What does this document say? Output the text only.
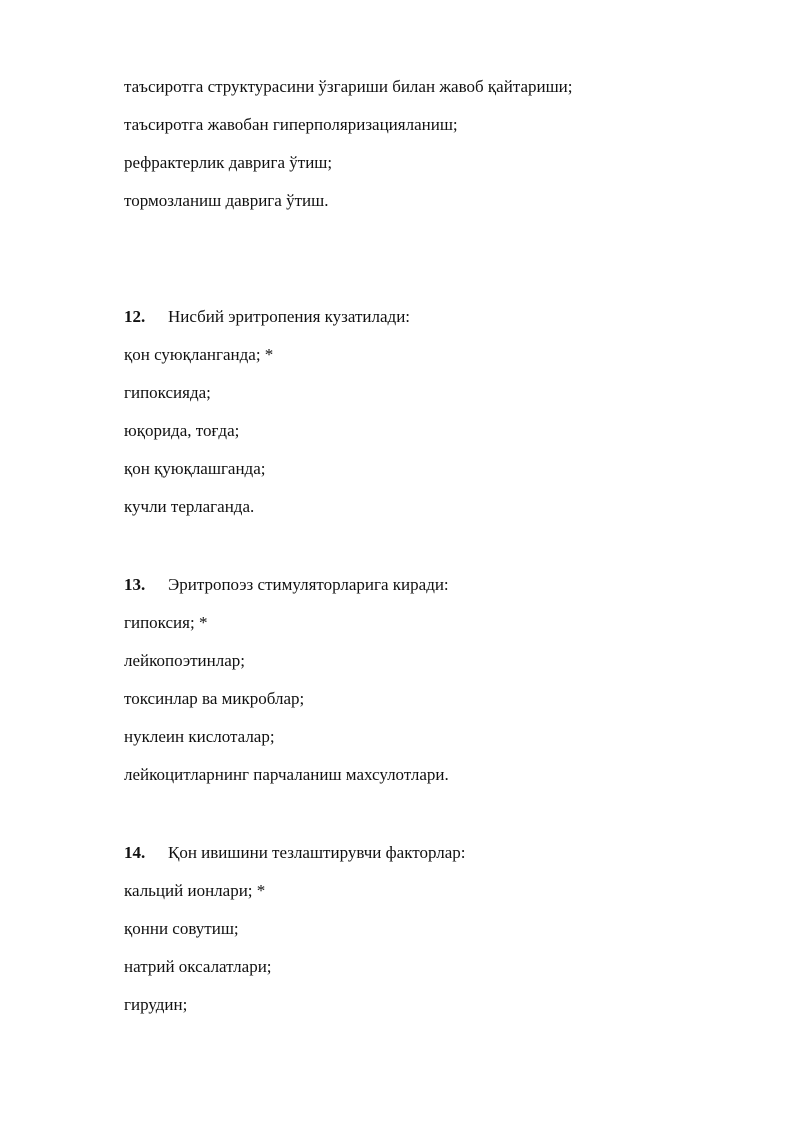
таъсиротга структурасини ўзгариши билан жавоб қайтариши;
таъсиротга жавобан гиперполяризацияланиш;
рефрактерлик даврига ўтиш;
тормозланиш даврига ўтиш.
12. Нисбий эритропения кузатилади:
қон суюқланганда; *
гипоксияда;
юқорида, тоғда;
қон қуюқлашганда;
кучли терлаганда.
13. Эритропоэз стимуляторларига киради:
гипоксия; *
лейкопоэтинлар;
токсинлар ва микроблар;
нуклеин кислоталар;
лейкоцитларнинг парчаланиш махсулотлари.
14. Қон ивишини тезлаштирувчи факторлар:
кальций ионлари; *
қонни совутиш;
натрий оксалатлари;
гирудин;
